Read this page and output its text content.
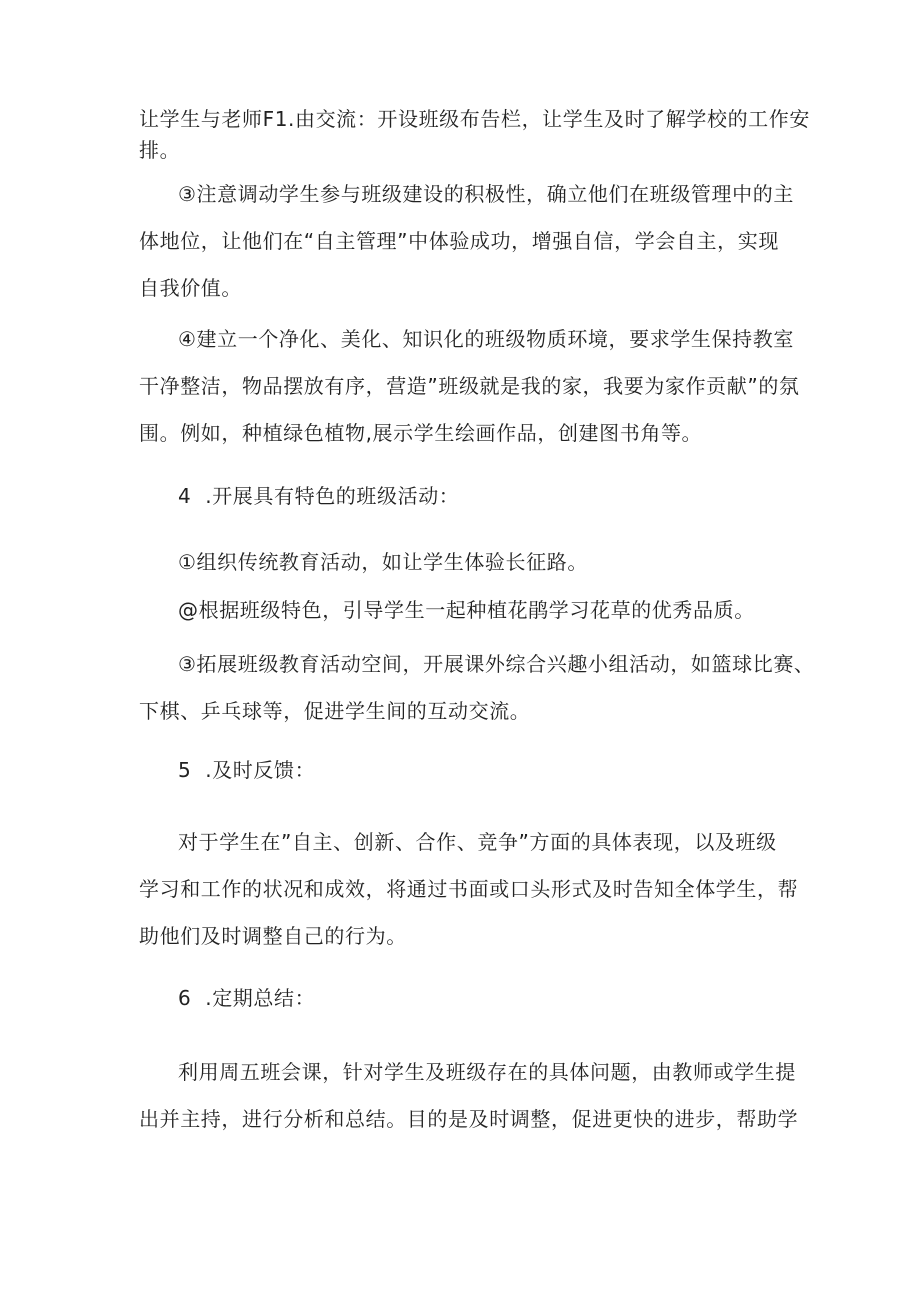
让学生与老师F1.由交流：开设班级布告栏，让学生及时了解学校的工作安
排。
③注意调动学生参与班级建设的积极性，确立他们在班级管理中的主
体地位，让他们在“自主管理”中体验成功，增强自信，学会自主，实现
自我价值。
④建立一个净化、美化、知识化的班级物质环境，要求学生保持教室
干净整洁，物品摆放有序，营造”班级就是我的家，我要为家作贡献”的氛
围。例如，种植绿色植物,展示学生绘画作品，创建图书角等。
4  .开展具有特色的班级活动：
①组织传统教育活动，如让学生体验长征路。
@根据班级特色，引导学生一起种植花鹃学习花草的优秀品质。
③拓展班级教育活动空间，开展课外综合兴趣小组活动，如篮球比赛、
下棋、乒乓球等，促进学生间的互动交流。
5  .及时反馈：
对于学生在”自主、创新、合作、竞争”方面的具体表现，以及班级
学习和工作的状况和成效，将通过书面或口头形式及时告知全体学生，帮
助他们及时调整自己的行为。
6  .定期总结：
利用周五班会课，针对学生及班级存在的具体问题，由教师或学生提
出并主持，进行分析和总结。目的是及时调整，促进更快的进步，帮助学
